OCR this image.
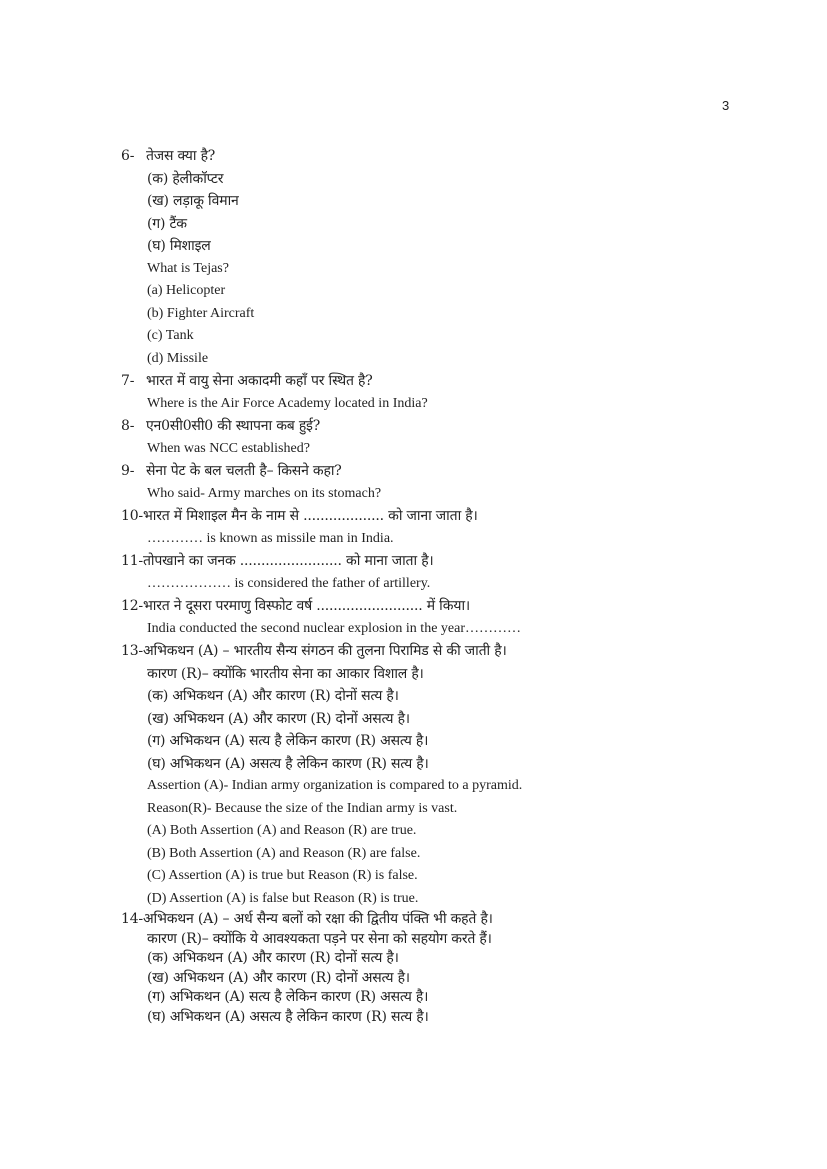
3
6- तेजस क्या है?
(क) हेलीकॉप्टर
(ख) लड़ाकू विमान
(ग) टैंक
(घ) मिशाइल
What is Tejas?
(a) Helicopter
(b) Fighter Aircraft
(c) Tank
(d) Missile
7- भारत में वायु सेना अकादमी कहाँ पर स्थित है?
Where is the Air Force Academy located in India?
8- एन0सी0सी0 की स्थापना कब हुई?
When was NCC established?
9- सेना पेट के बल चलती है– किसने कहा?
Who said- Army marches on its stomach?
10-भारत में मिशाइल मैन के नाम से ................... को जाना जाता है।
………… is known as missile man in India.
11-तोपखाने का जनक ........................ को माना जाता है।
……………… is considered the father of artillery.
12-भारत ने दूसरा परमाणु विस्फोट वर्ष ......................... में किया।
India conducted the second nuclear explosion in the year…………
13-अभिकथन (A) – भारतीय सैन्य संगठन की तुलना पिरामिड से की जाती है।
कारण (R)– क्योंकि भारतीय सेना का आकार विशाल है।
(क) अभिकथन (A) और कारण (R) दोनों सत्य है।
(ख) अभिकथन (A) और कारण (R) दोनों असत्य है।
(ग) अभिकथन (A) सत्य है लेकिन कारण (R) असत्य है।
(घ) अभिकथन (A) असत्य है लेकिन कारण (R) सत्य है।
Assertion (A)- Indian army organization is compared to a pyramid.
Reason(R)- Because the size of the Indian army is vast.
(A) Both Assertion (A) and Reason (R) are true.
(B) Both Assertion (A) and Reason (R) are false.
(C) Assertion (A) is true but Reason (R) is false.
(D) Assertion (A) is false but Reason (R) is true.
14-अभिकथन (A) – अर्ध सैन्य बलों को रक्षा की द्वितीय पंक्ति भी कहते है।
कारण (R)– क्योंकि ये आवश्यकता पड़ने पर सेना को सहयोग करते हैं।
(क) अभिकथन (A) और कारण (R) दोनों सत्य है।
(ख) अभिकथन (A) और कारण (R) दोनों असत्य है।
(ग) अभिकथन (A) सत्य है लेकिन कारण (R) असत्य है।
(घ) अभिकथन (A) असत्य है लेकिन कारण (R) सत्य है।
